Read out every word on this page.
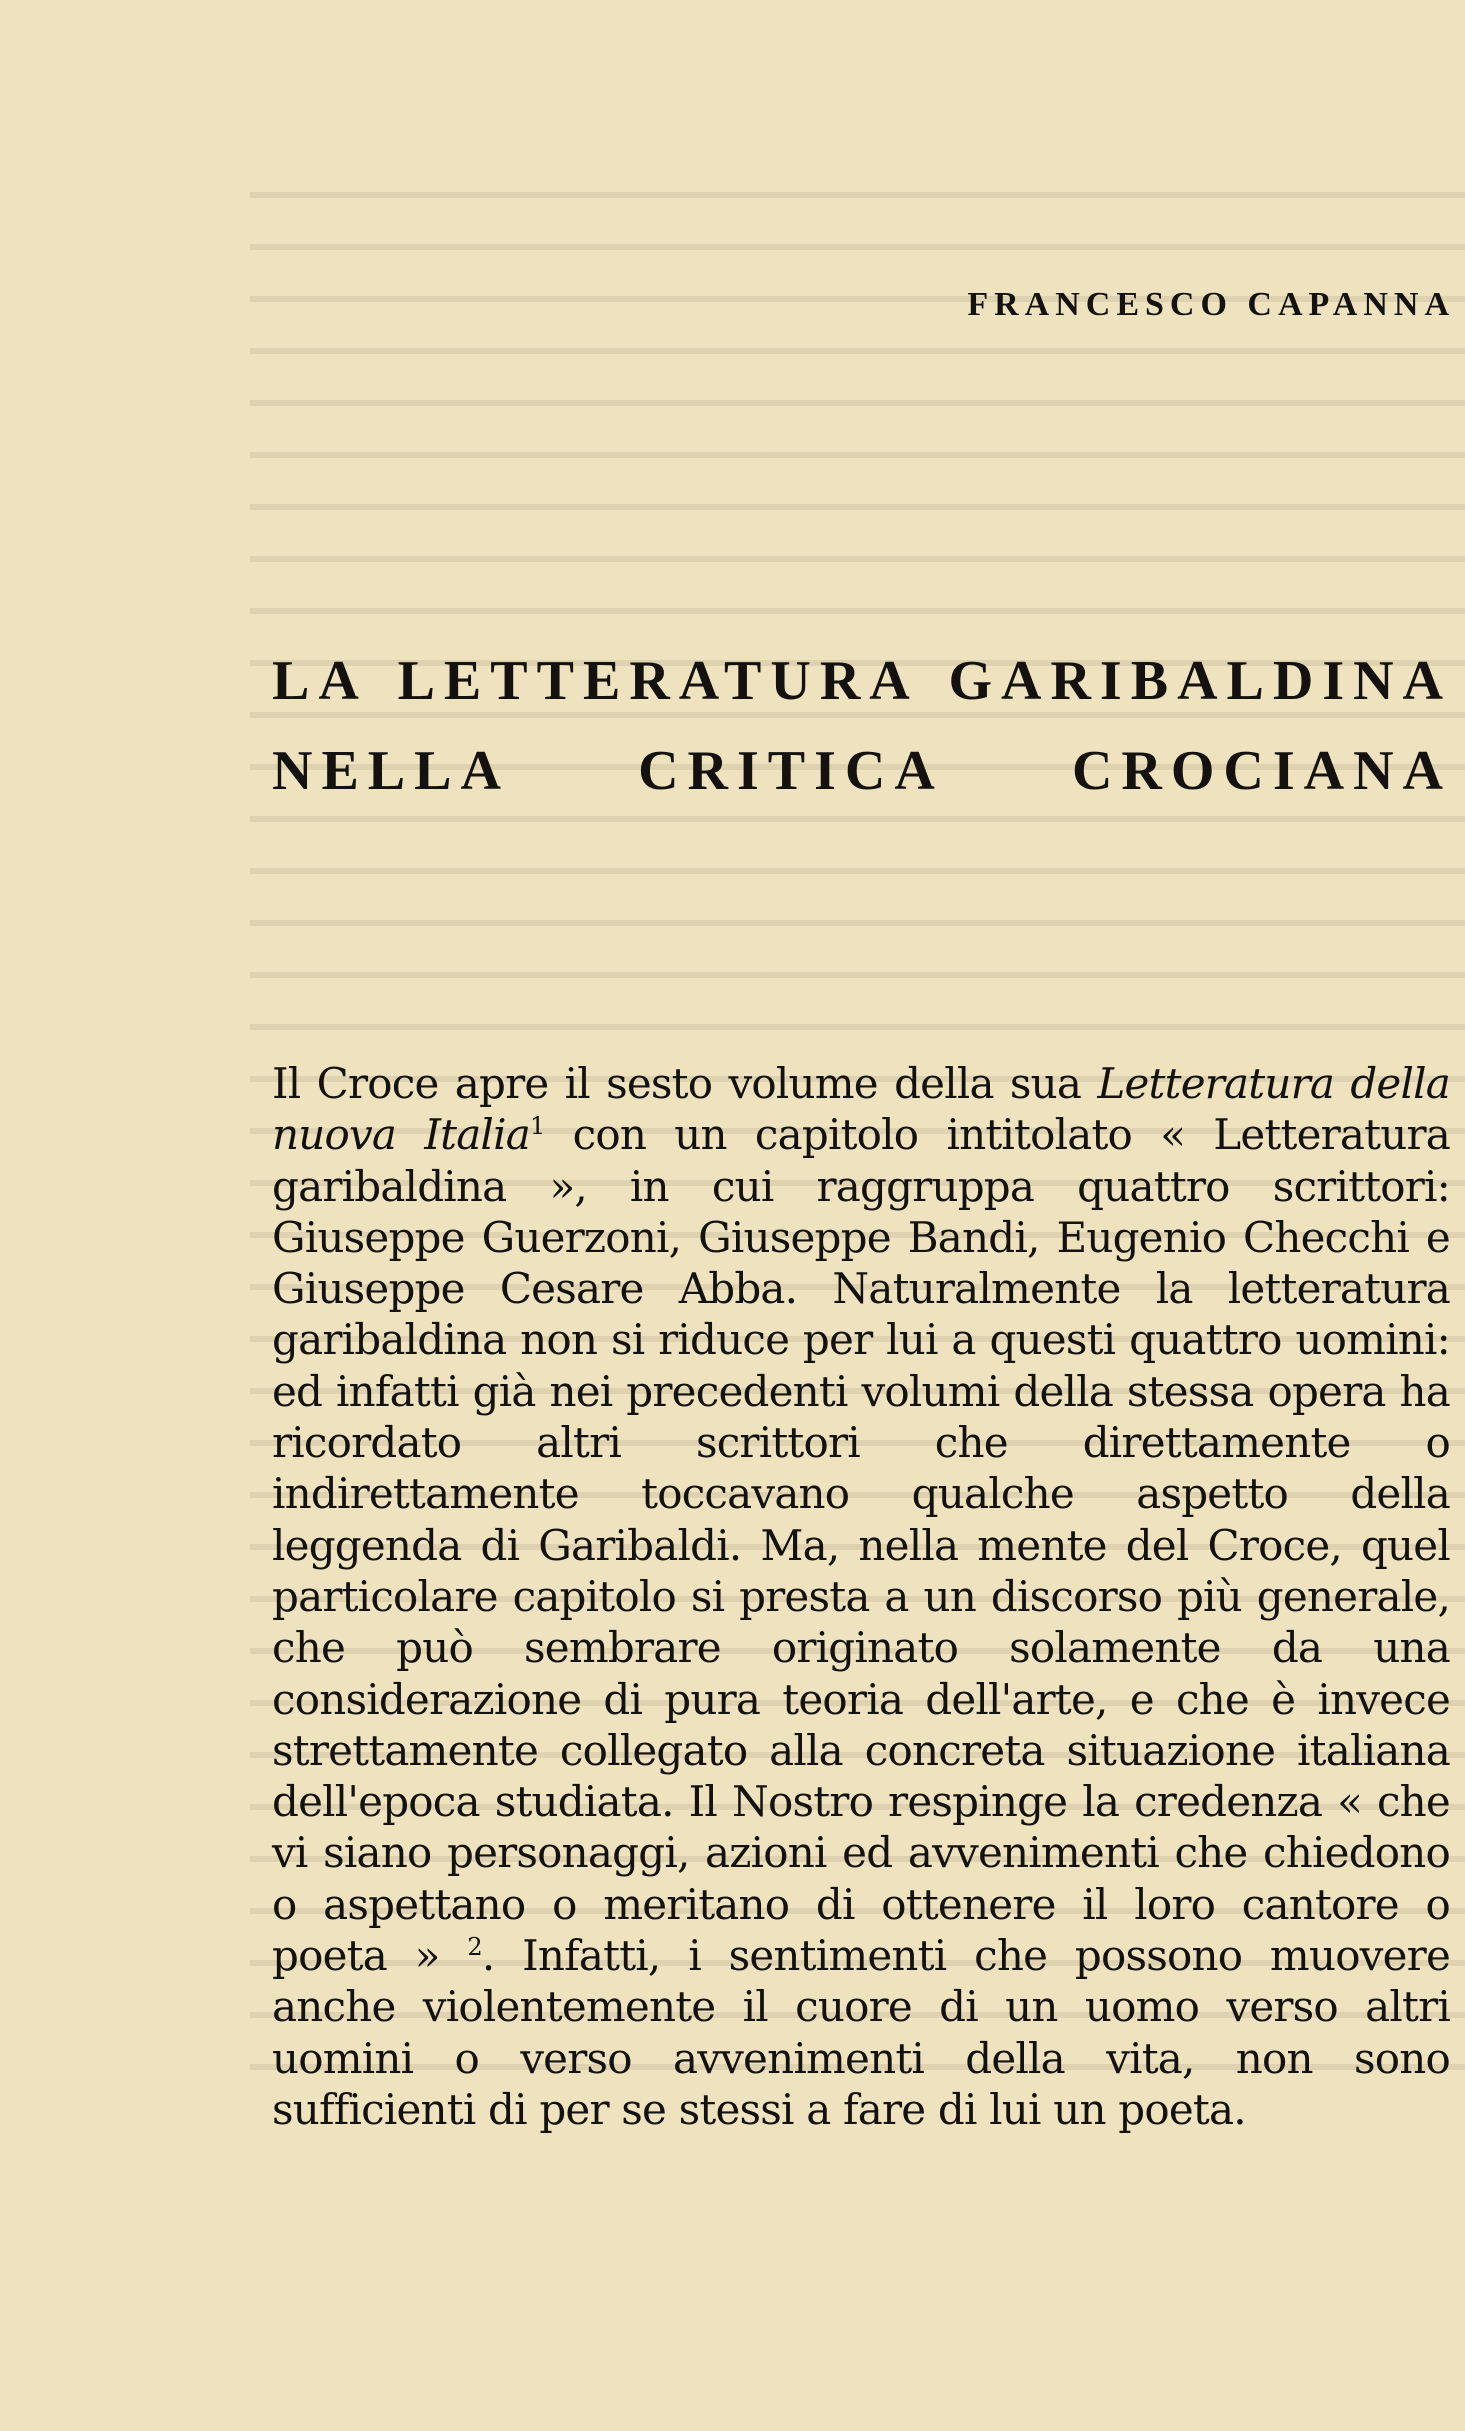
FRANCESCO CAPANNA
LA LETTERATURA GARIBALDINA
NELLA CRITICA CROCIANA

Il Croce apre il sesto volume della sua Letteratura della nuova Italia$^1$ con un capitolo intitolato « Letteratura garibaldina », in cui raggruppa quattro scrittori: Giuseppe Guerzoni, Giuseppe Bandi, Eugenio Checchi e Giuseppe Cesare Abba. Naturalmente la letteratura garibaldina non si riduce per lui a questi quattro uomini: ed infatti già nei precedenti volumi della stessa opera ha ricordato altri scrittori che direttamente o indirettamente toccavano qualche aspetto della leggenda di Garibaldi. Ma, nella mente del Croce, quel particolare capitolo si presta a un discorso più generale, che può sembrare originato solamente da una considerazione di pura teoria dell'arte, e che è invece strettamente collegato alla concreta situazione italiana dell'epoca studiata. Il Nostro respinge la credenza « che vi siano personaggi, azioni ed avvenimenti che chiedono o aspettano o meritano di ottenere il loro cantore o poeta » $^2$. Infatti, i sentimenti che possono muovere anche violentemente il cuore di un uomo verso altri uomini o verso avvenimenti della vita, non sono sufficienti di per se stessi a fare di lui un poeta.
